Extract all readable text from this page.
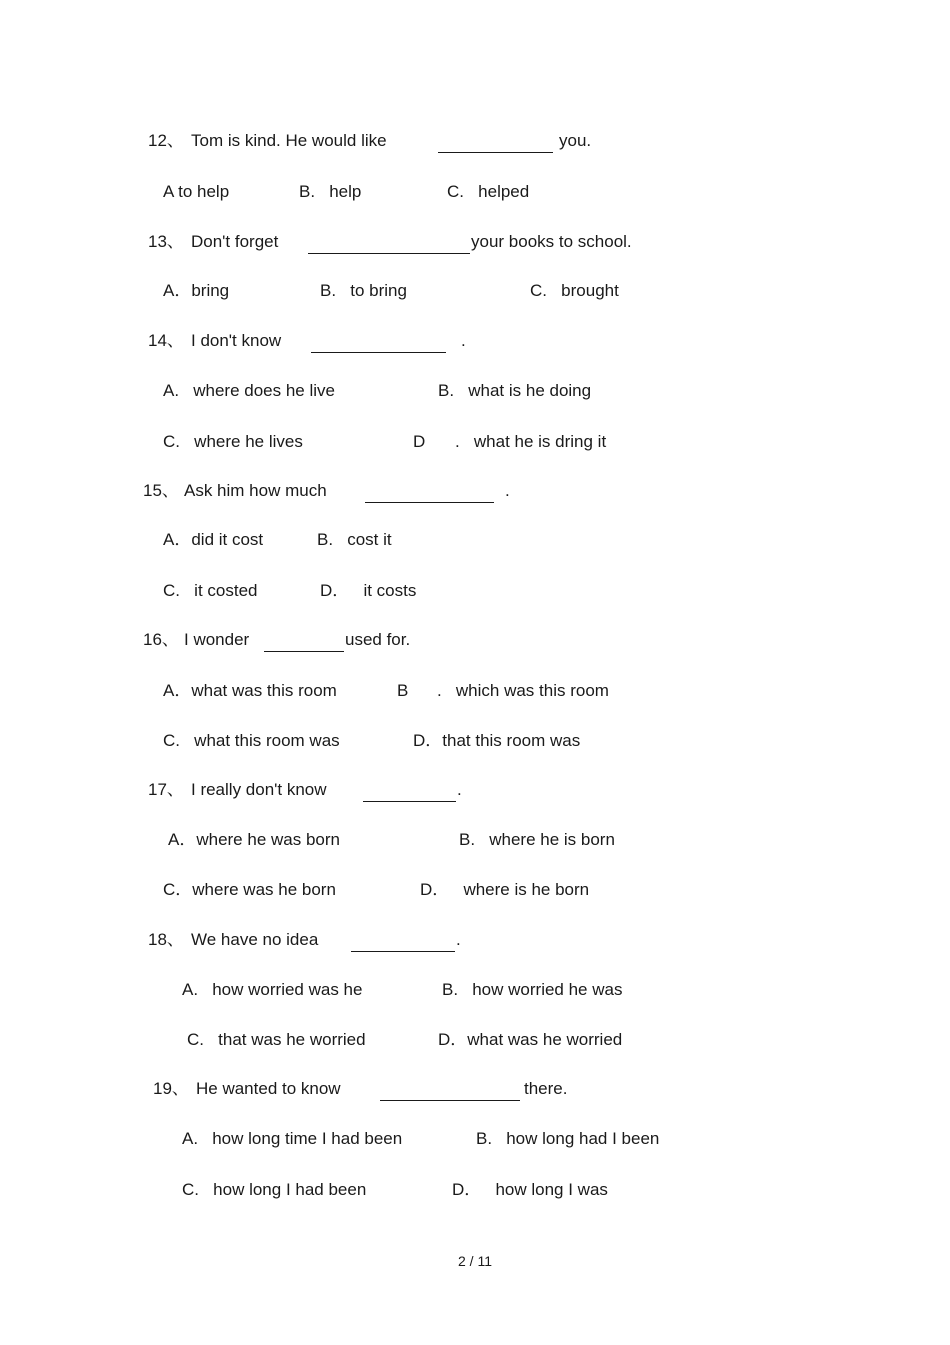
12、 Tom is kind. He would like	you.
A to help	B.   help	C.   helped
13、 Don't forget	your books to school.
A．bring	B.   to bring	C.   brought
14、 I don't know	.
A.   where does he live	B.   what is he doing
C.   where he lives	D .   what he is dring it
15、 Ask him how much	.
A．did it cost	B.   cost it
C.   it costed	D．   it costs
16、 I wonder	used for.
A．what was this room	B .   which was this room
C.   what this room was	D．that this room was
17、 I really don't know	.
A．where he was born	B.   where he is born
C．where was he born	D．   where is he born
18、 We have no idea	.
A.   how worried was he	B.   how worried he was
C.   that was he worried	D．what was he worried
19、 He wanted to know	there.
A.   how long time I had been	B.   how long had I been
C.   how long I had been	D．   how long I was
2 / 11
